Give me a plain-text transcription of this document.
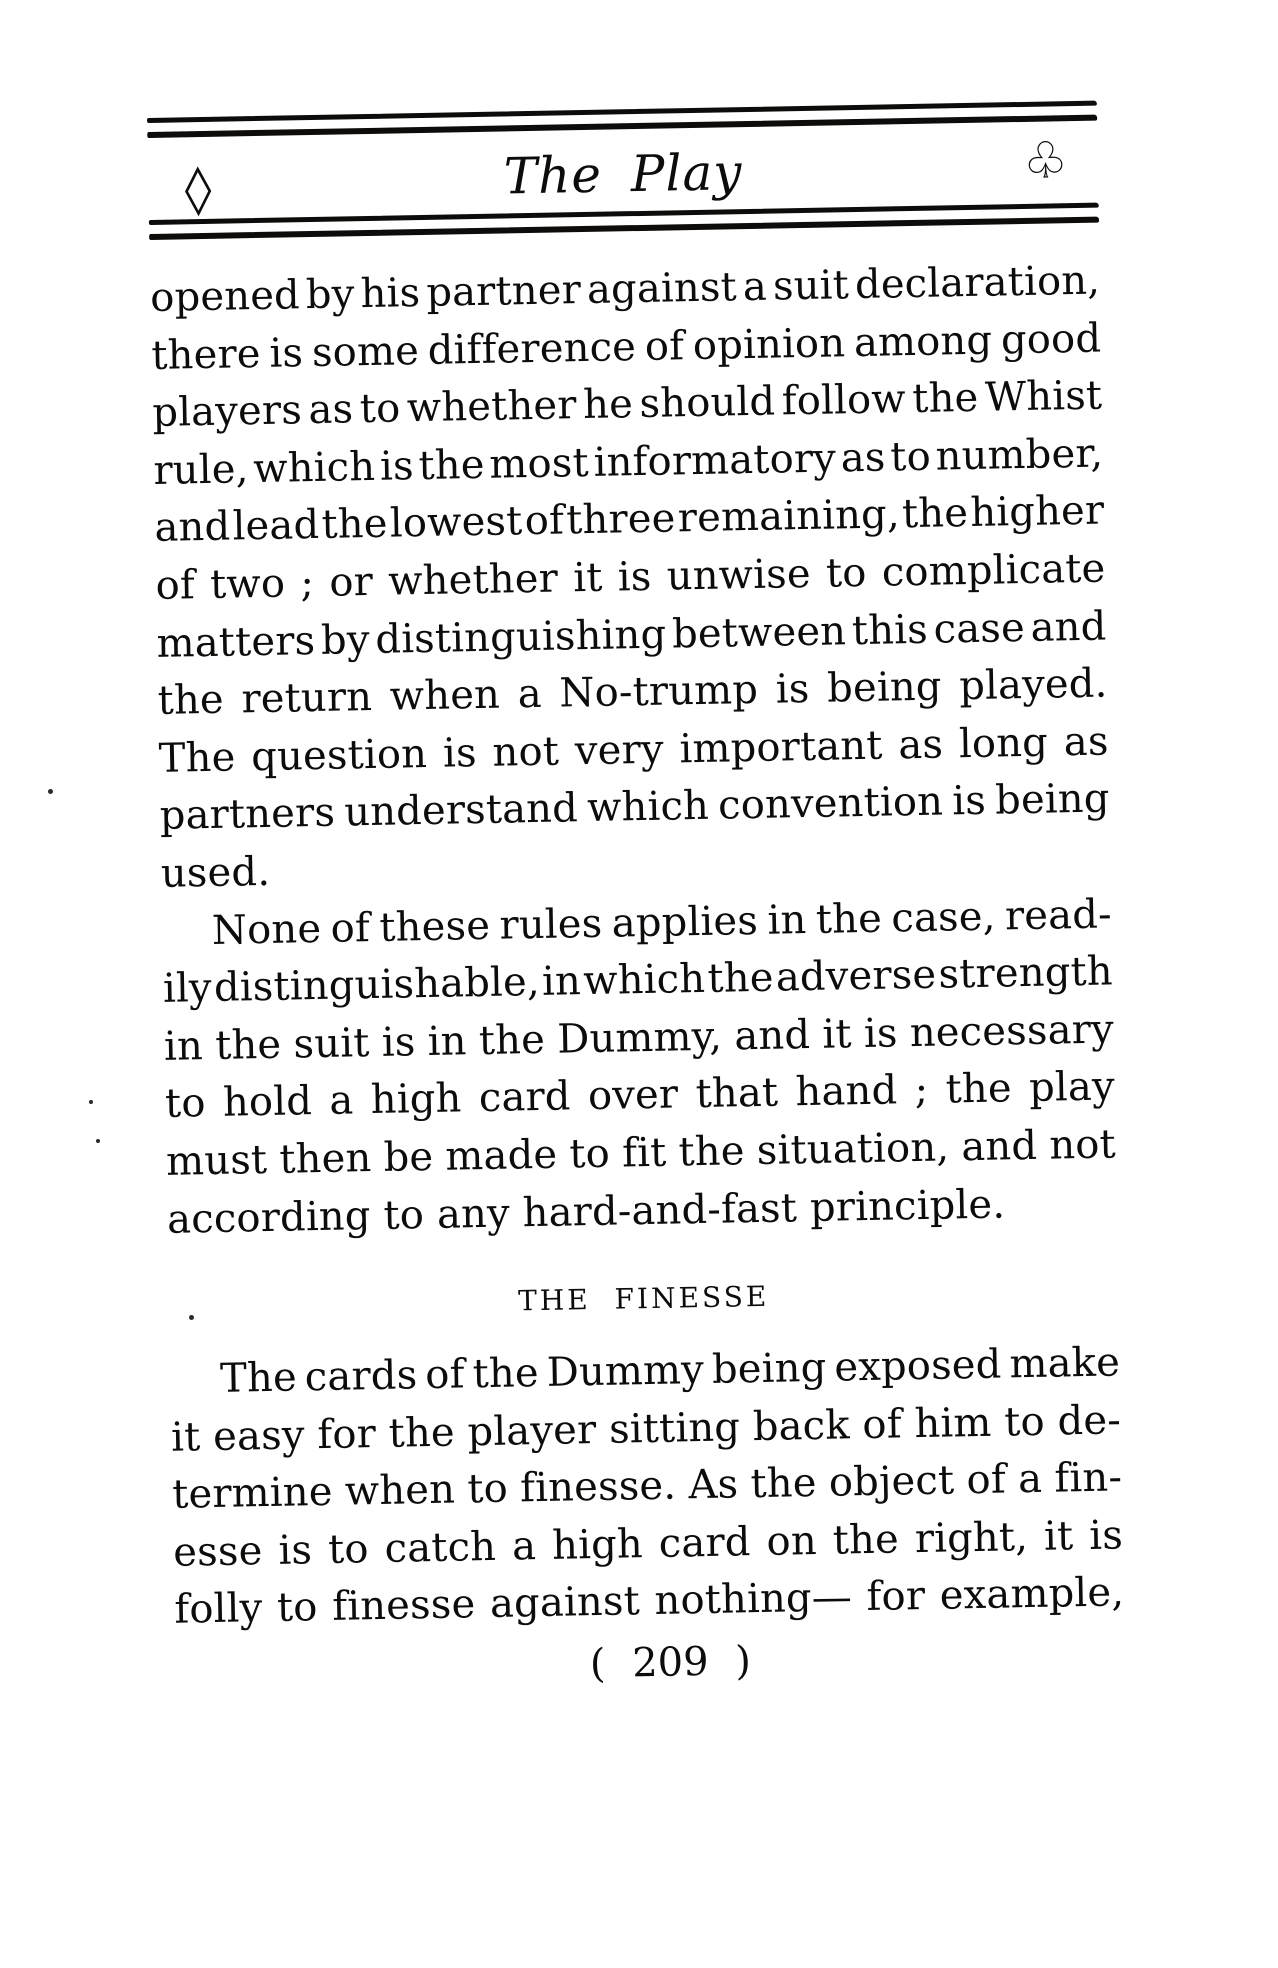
◊	The Play	♧
opened by his partner against a suit declaration,
there is some difference of opinion among good
players as to whether he should follow the Whist
rule, which is the most informatory as to number,
and lead the lowest of three remaining, the higher
of two ; or whether it is unwise to complicate
matters by distinguishing between this case and
the return when a No-trump is being played.
The question is not very important as long as
partners understand which convention is being
used.
None of these rules applies in the case, read-
ily distinguishable, in which the adverse strength
in the suit is in the Dummy, and it is necessary
to hold a high card over that hand ; the play
must then be made to fit the situation, and not
according to any hard-and-fast principle.
THE FINESSE
The cards of the Dummy being exposed make
it easy for the player sitting back of him to de-
termine when to finesse. As the object of a fin-
esse is to catch a high card on the right, it is
folly to finesse against nothing— for example,
( 209 )
